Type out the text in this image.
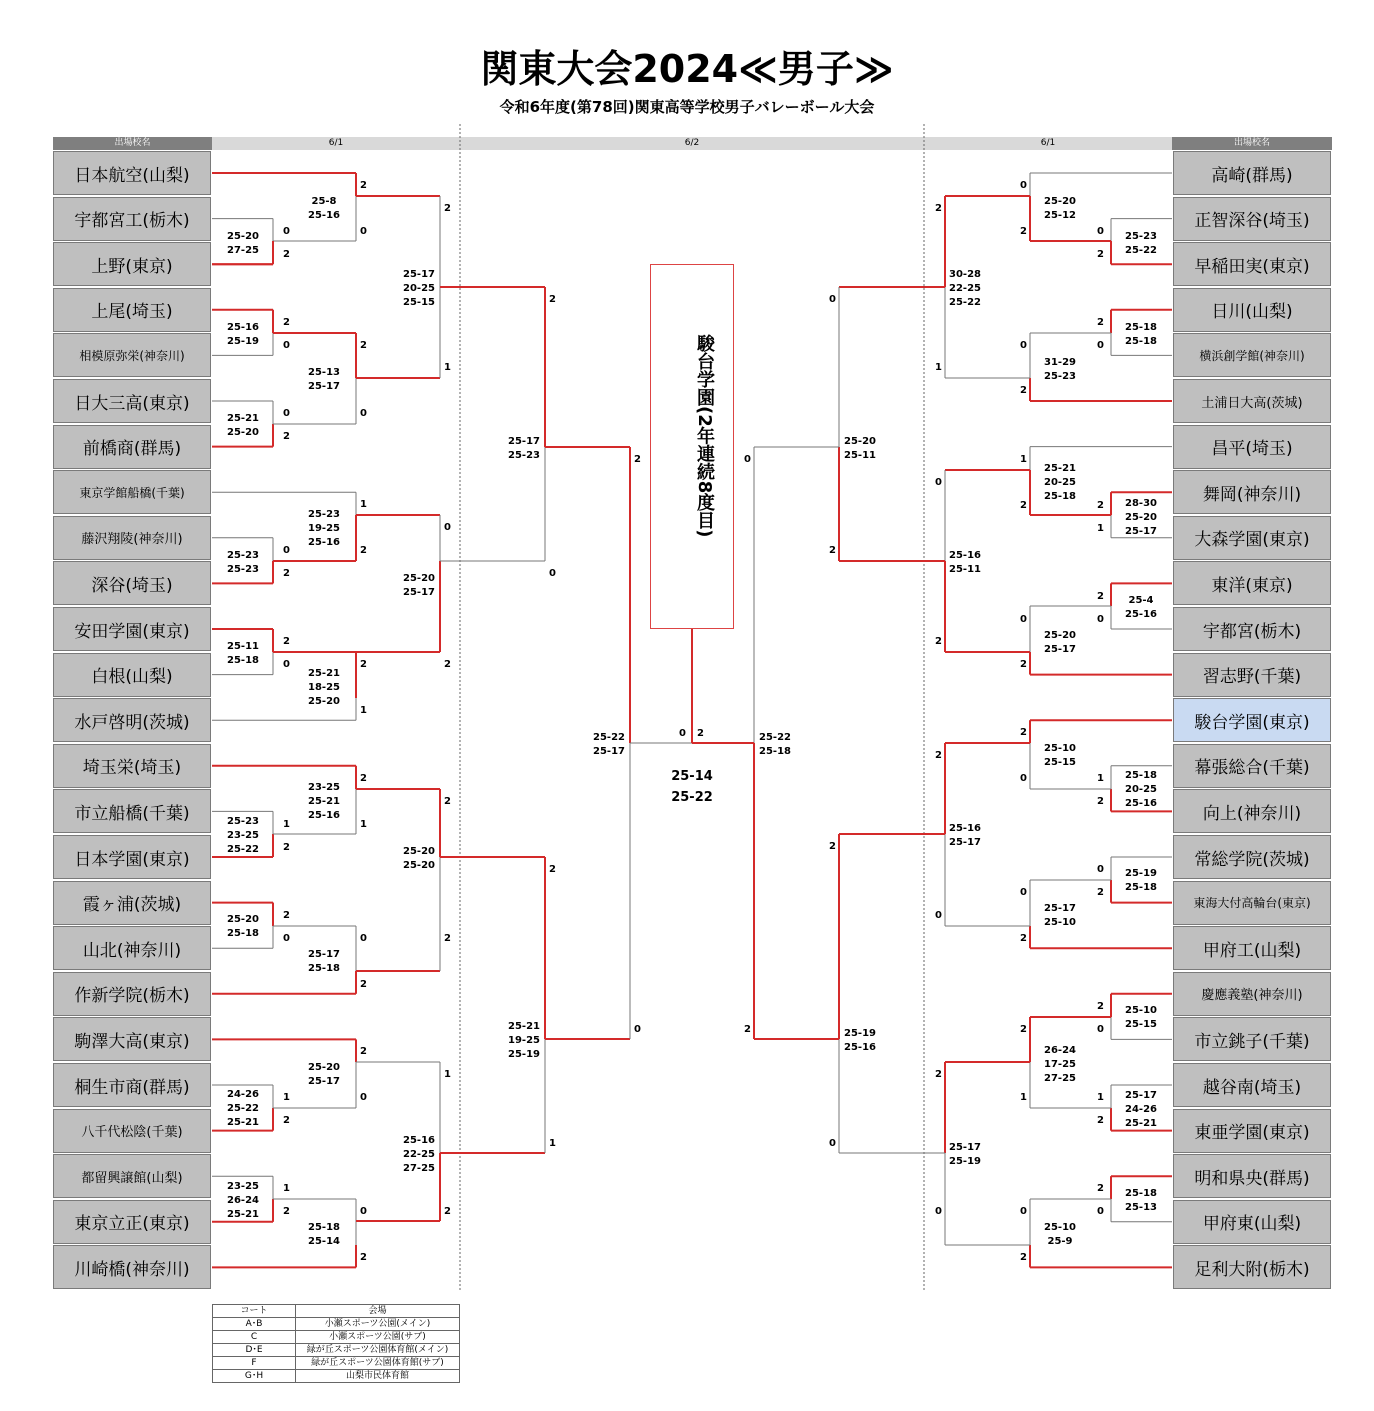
関東大会2024≪男子≫
令和6年度(第78回)関東高等学校男子バレーボール大会
出場校名	6/1	6/2	6/1	出場校名
日本航空(山梨)
宇都宮工(栃木)
上野(東京)
上尾(埼玉)
相模原弥栄(神奈川)
日大三高(東京)
前橋商(群馬)
東京学館船橋(千葉)
藤沢翔陵(神奈川)
深谷(埼玉)
安田学園(東京)
白根(山梨)
水戸啓明(茨城)
埼玉栄(埼玉)
市立船橋(千葉)
日本学園(東京)
霞ヶ浦(茨城)
山北(神奈川)
作新学院(栃木)
駒澤大高(東京)
桐生市商(群馬)
八千代松陰(千葉)
都留興譲館(山梨)
東京立正(東京)
川崎橋(神奈川)
高崎(群馬)
正智深谷(埼玉)
早稲田実(東京)
日川(山梨)
横浜創学館(神奈川)
土浦日大高(茨城)
昌平(埼玉)
舞岡(神奈川)
大森学園(東京)
東洋(東京)
宇都宮(栃木)
習志野(千葉)
駿台学園(東京)
幕張総合(千葉)
向上(神奈川)
常総学院(茨城)
東海大付高輪台(東京)
甲府工(山梨)
慶應義塾(神奈川)
市立銚子(千葉)
越谷南(埼玉)
東亜学園(東京)
明和県央(群馬)
甲府東(山梨)
足利大附(栃木)
25-8
25-16
25-20
27-25
2
0
0
2
25-16
25-19
25-13
25-17
25-21
25-20
2
0	2
0
0
2
25-17
20-25
25-15
2
1
25-23
19-25
25-16
25-23
25-23
25-11
25-18
25-21
18-25
25-20
1
2
0
2
2
0	2
1
25-20
25-17
0
2
25-17
25-23
2
0
23-25
25-21
25-16
25-23
23-25
25-22
25-20
25-18
25-17
25-18
2
1
1
2
2
0	0
2
25-20
25-20
2
2
25-20
25-17
24-26
25-22
25-21
23-25
26-24
25-21
25-18
25-14
2
0
1
2
1
2	0
2
25-16
22-25
27-25
1
2
25-21
19-25
25-19
2
1
25-22
25-17
2
0
25-20
25-12
25-23
25-22
25-18
25-18
31-29
25-23
0
2	0
2
2
0
0
2
30-28
22-25
25-22
2
1
25-21
20-25
25-18
28-30
25-20
25-17
25-4
25-16
25-20
25-17
1
2	2
1
2
0
0
2
25-16
25-11
0
2
25-20
25-11
0
2
25-10
25-15
25-18
20-25
25-16
25-19
25-18
25-17
25-10
2
0	1
2
0
2
0
2
25-16
25-17
2
0
25-10
25-15
26-24
17-25
27-25
25-17
24-26
25-21
25-18
25-13
25-10
25-9
2
0
2
1	1
2
2
0
0
2
25-17
25-19
2
0
25-19
25-16
2
0
25-22
25-18
0
2
0 2
駿台学園(2年連続8度目)
25-14
25-22
コート	会場
A･B	小瀬スポーツ公園(メイン)
C	小瀬スポーツ公園(サブ)
D･E	緑が丘スポーツ公園体育館(メイン)
F	緑が丘スポーツ公園体育館(サブ)
G･H	山梨市民体育館
